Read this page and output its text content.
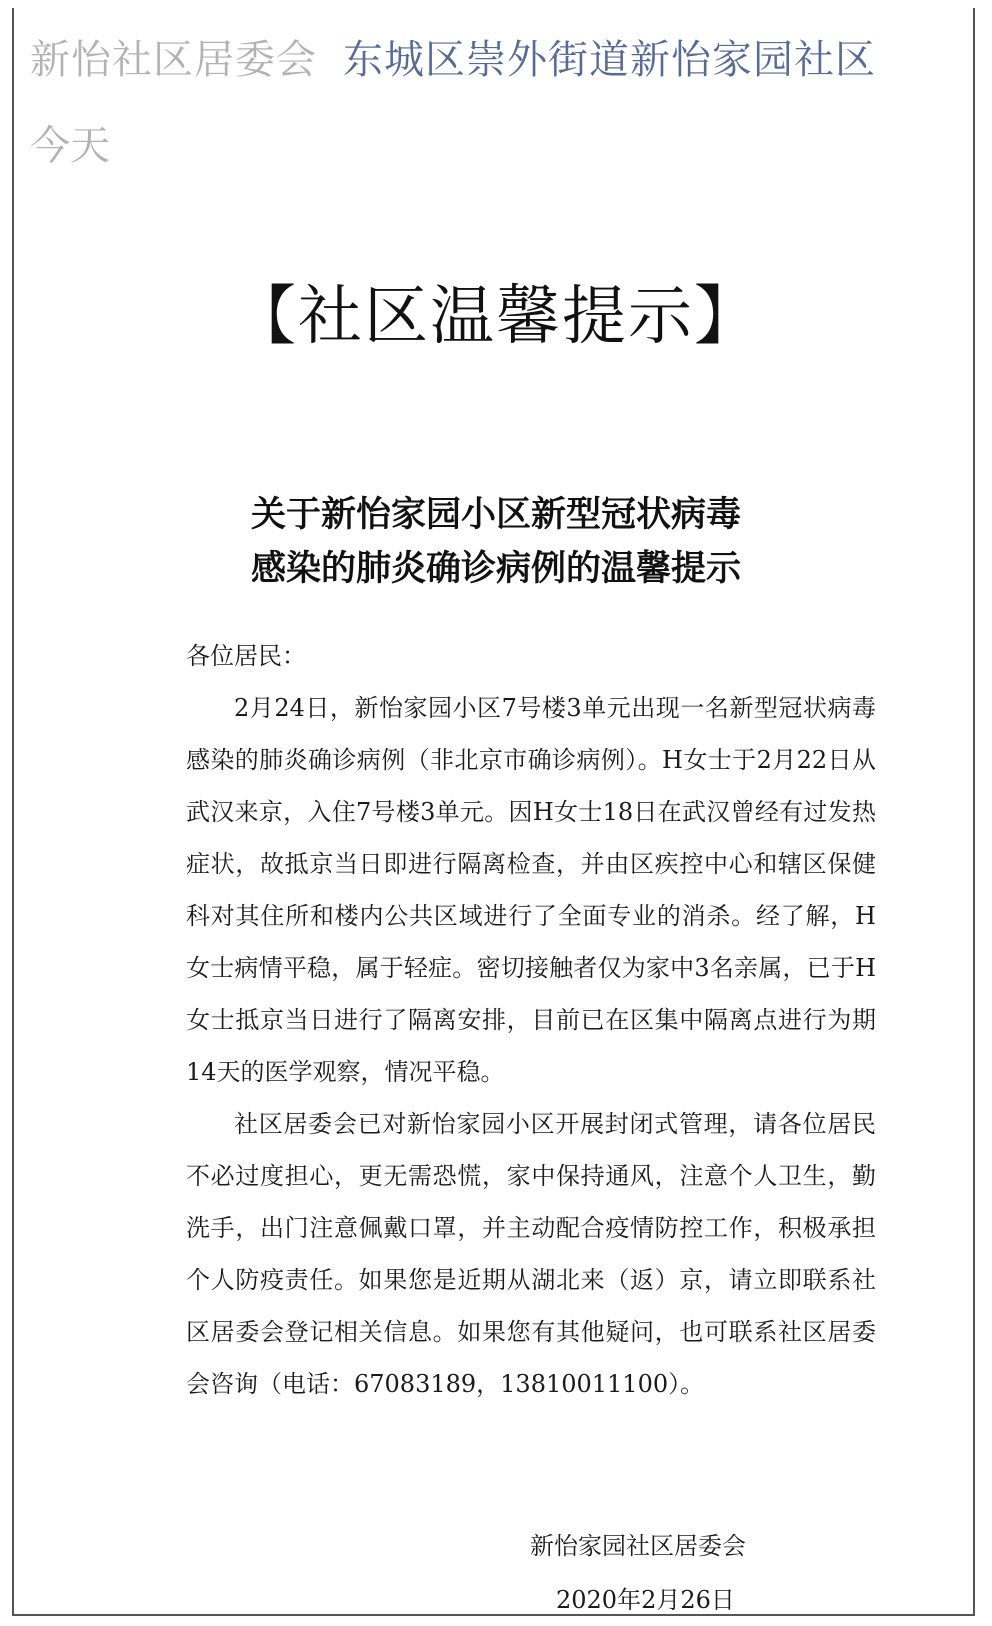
新怡社区居委会 东城区崇外街道新怡家园社区
今天
【社区温馨提示】
关于新怡家园小区新型冠状病毒
感染的肺炎确诊病例的温馨提示

各位居民：

2月24日，新怡家园小区7号楼3单元出现一名新型冠状病毒感染的肺炎确诊病例（非北京市确诊病例）。H女士于2月22日从武汉来京，入住7号楼3单元。因H女士18日在武汉曾经有过发热症状，故抵京当日即进行隔离检查，并由区疾控中心和辖区保健科对其住所和楼内公共区域进行了全面专业的消杀。经了解，H女士病情平稳，属于轻症。密切接触者仅为家中3名亲属，已于H女士抵京当日进行了隔离安排，目前已在区集中隔离点进行为期14天的医学观察，情况平稳。

社区居委会已对新怡家园小区开展封闭式管理，请各位居民不必过度担心，更无需恐慌，家中保持通风，注意个人卫生，勤洗手，出门注意佩戴口罩，并主动配合疫情防控工作，积极承担个人防疫责任。如果您是近期从湖北来（返）京，请立即联系社区居委会登记相关信息。如果您有其他疑问，也可联系社区居委会咨询（电话：67083189，13810011100）。

新怡家园社区居委会
2020年2月26日
